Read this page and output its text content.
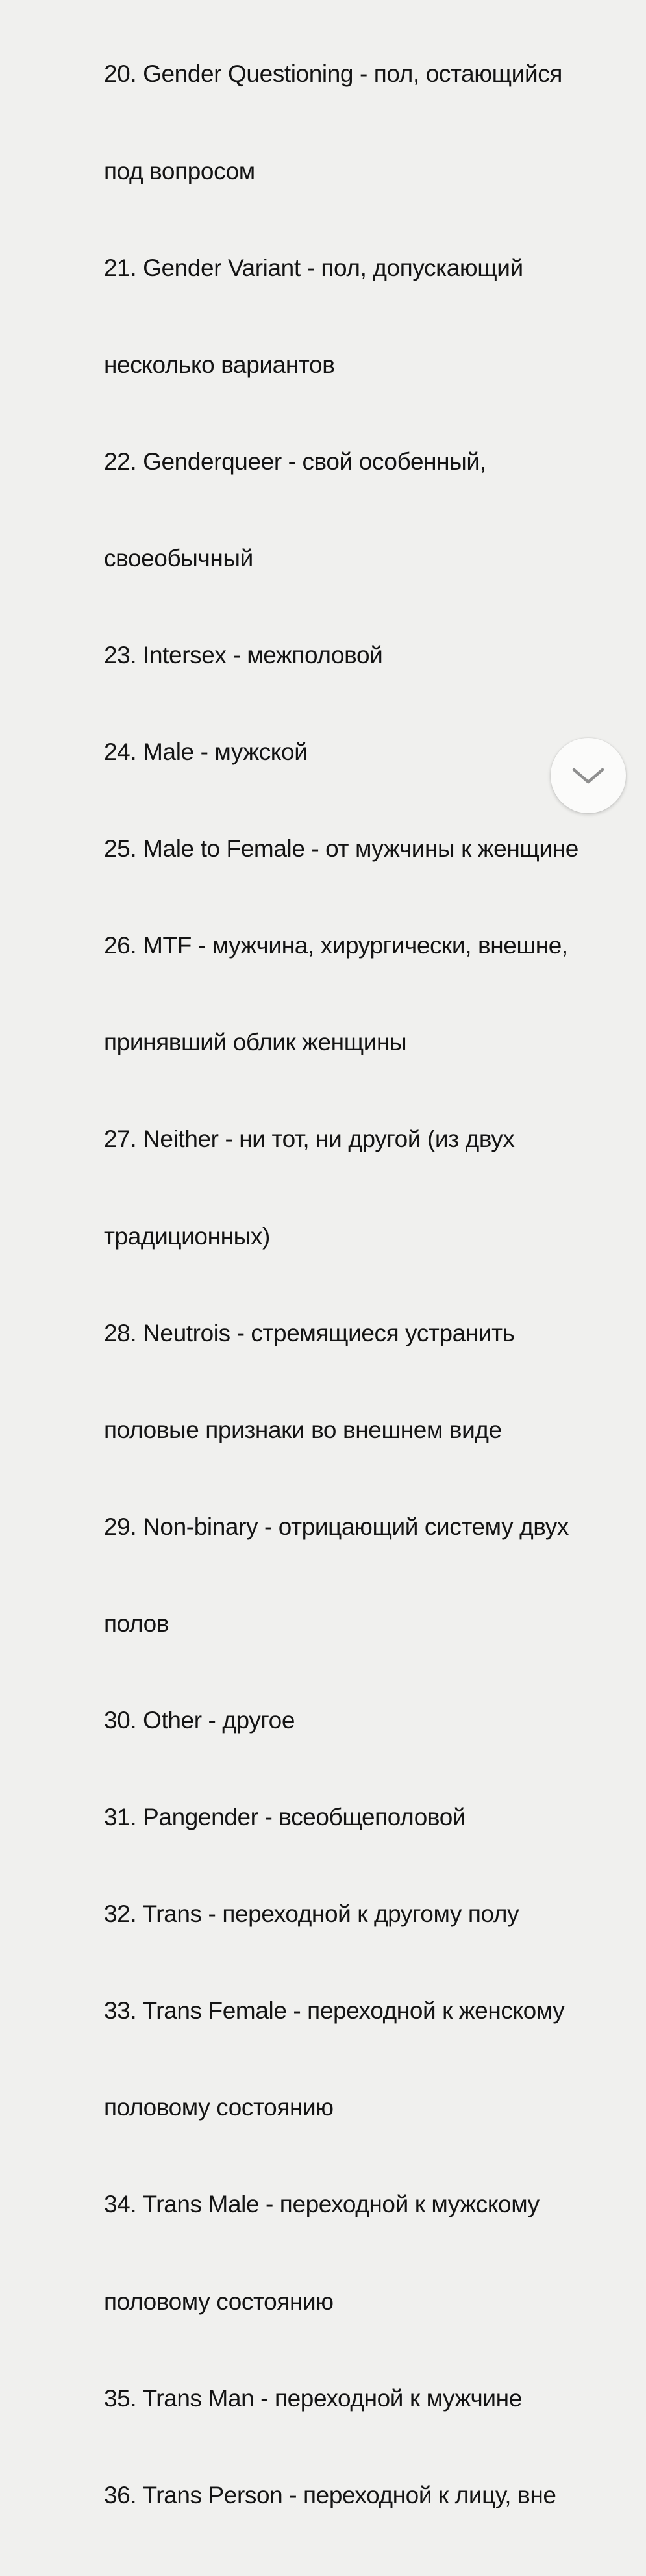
20. Gender Questioning - пол, остающийся

под вопросом

21. Gender Variant - пол, допускающий

несколько вариантов

22. Genderqueer - свой особенный,

своеобычный

23. Intersex - межполовой

24. Male - мужской

25. Male to Female - от мужчины к женщине

26. MTF - мужчина, хирургически, внешне,

принявший облик женщины

27. Neither - ни тот, ни другой (из двух

традиционных)

28. Neutrois - стремящиеся устранить

половые признаки во внешнем виде

29. Non-binary - отрицающий систему двух

полов

30. Other - другое

31. Pangender - всеобщеполовой

32. Trans - переходной к другому полу

33. Trans Female - переходной к женскому

половому состоянию

34. Trans Male - переходной к мужскому

половому состоянию

35. Trans Man - переходной к мужчине

36. Trans Person - переходной к лицу, вне
